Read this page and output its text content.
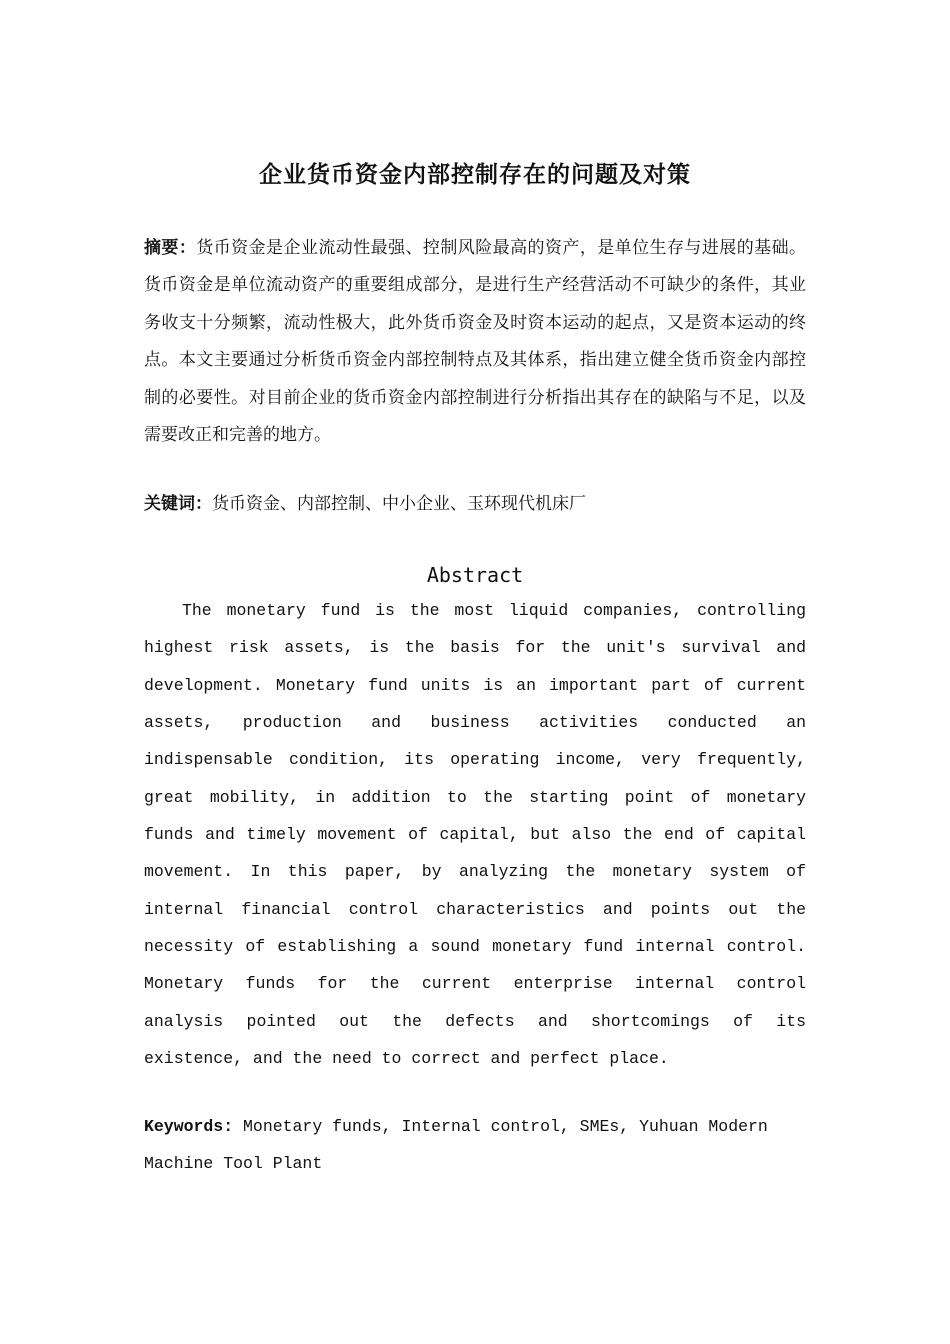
企业货币资金内部控制存在的问题及对策
摘要：货币资金是企业流动性最强、控制风险最高的资产，是单位生存与进展的基础。货币资金是单位流动资产的重要组成部分，是进行生产经营活动不可缺少的条件，其业务收支十分频繁，流动性极大，此外货币资金及时资本运动的起点，又是资本运动的终点。本文主要通过分析货币资金内部控制特点及其体系，指出建立健全货币资金内部控制的必要性。对目前企业的货币资金内部控制进行分析指出其存在的缺陷与不足，以及需要改正和完善的地方。
关键词：货币资金、内部控制、中小企业、玉环现代机床厂
Abstract
The monetary fund is the most liquid companies, controlling highest risk assets, is the basis for the unit's survival and development. Monetary fund units is an important part of current assets, production and business activities conducted an indispensable condition, its operating income, very frequently, great mobility, in addition to the starting point of monetary funds and timely movement of capital, but also the end of capital movement. In this paper, by analyzing the monetary system of internal financial control characteristics and points out the necessity of establishing a sound monetary fund internal control. Monetary funds for the current enterprise internal control analysis pointed out the defects and shortcomings of its existence, and the need to correct and perfect place.
Keywords: Monetary funds, Internal control, SMEs, Yuhuan Modern Machine Tool Plant
